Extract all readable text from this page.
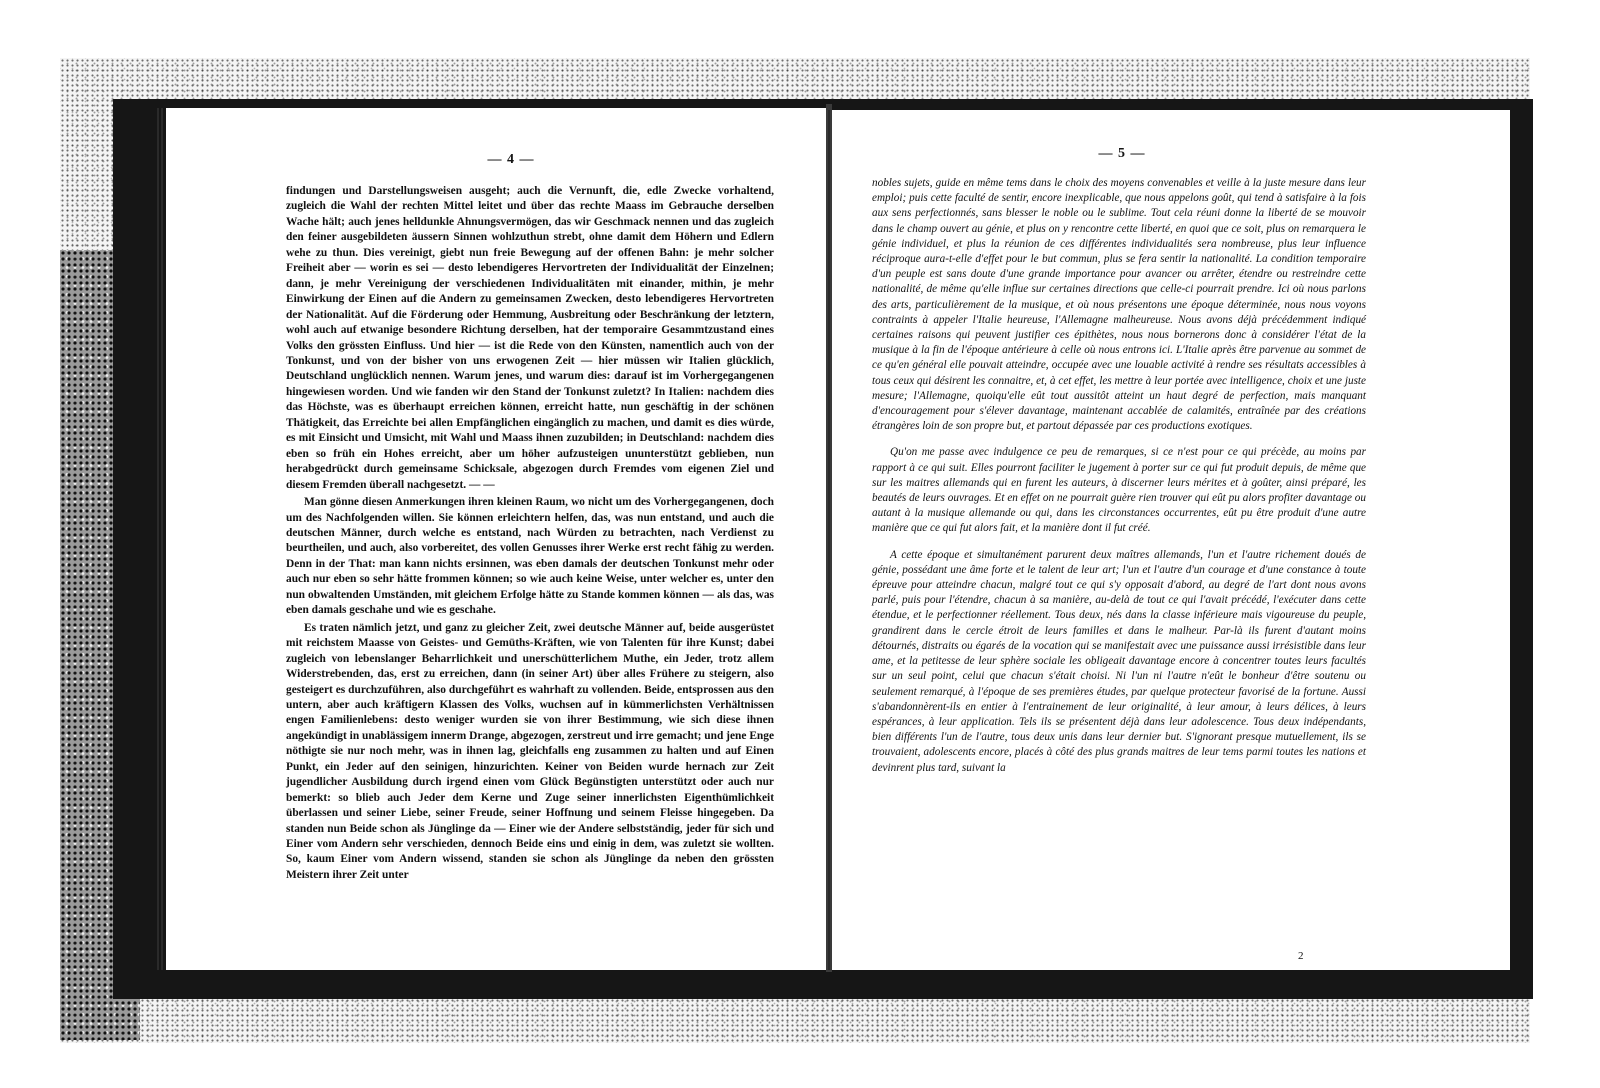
— 4 —

findungen und Darstellungsweisen ausgeht; auch die Vernunft, die, edle Zwecke vorhaltend, zugleich die Wahl der rechten Mittel leitet und über das rechte Maass im Gebrauche derselben Wache hält; auch jenes helldunkle Ahnungsvermögen, das wir Geschmack nennen und das zugleich den feiner ausgebildeten äussern Sinnen wohlzuthun strebt, ohne damit dem Höhern und Edlern wehe zu thun. Dies vereinigt, giebt nun freie Bewegung auf der offenen Bahn: je mehr solcher Freiheit aber — worin es sei — desto lebendigeres Hervortreten der Individualität der Einzelnen; dann, je mehr Vereinigung der verschiedenen Individualitäten mit einander, mithin, je mehr Einwirkung der Einen auf die Andern zu gemeinsamen Zwecken, desto lebendigeres Hervortreten der Nationalität. Auf die Förderung oder Hemmung, Ausbreitung oder Beschränkung der letztern, wohl auch auf etwanige besondere Richtung derselben, hat der temporaire Gesammtzustand eines Volks den grössten Einfluss. Und hier — ist die Rede von den Künsten, namentlich auch von der Tonkunst, und von der bisher von uns erwogenen Zeit — hier müssen wir Italien glücklich, Deutschland unglücklich nennen. Warum jenes, und warum dies: darauf ist im Vorhergegangenen hingewiesen worden. Und wie fanden wir den Stand der Tonkunst zuletzt? In Italien: nachdem dies das Höchste, was es überhaupt erreichen können, erreicht hatte, nun geschäftig in der schönen Thätigkeit, das Erreichte bei allen Empfänglichen eingänglich zu machen, und damit es dies würde, es mit Einsicht und Umsicht, mit Wahl und Maass ihnen zuzubilden; in Deutschland: nachdem dies eben so früh ein Hohes erreicht, aber um höher aufzusteigen ununterstützt geblieben, nun herabgedrückt durch gemeinsame Schicksale, abgezogen durch Fremdes vom eigenen Ziel und diesem Fremden überall nachgesetzt. — —

Man gönne diesen Anmerkungen ihren kleinen Raum, wo nicht um des Vorhergegangenen, doch um des Nachfolgenden willen. Sie können erleichtern helfen, das, was nun entstand, und auch die deutschen Männer, durch welche es entstand, nach Würden zu betrachten, nach Verdienst zu beurtheilen, und auch, also vorbereitet, des vollen Genusses ihrer Werke erst recht fähig zu werden. Denn in der That: man kann nichts ersinnen, was eben damals der deutschen Tonkunst mehr oder auch nur eben so sehr hätte frommen können; so wie auch keine Weise, unter welcher es, unter den nun obwaltenden Umständen, mit gleichem Erfolge hätte zu Stande kommen können — als das, was eben damals geschahe und wie es geschahe.

Es traten nämlich jetzt, und ganz zu gleicher Zeit, zwei deutsche Männer auf, beide ausgerüstet mit reichstem Maasse von Geistes- und Gemüths-Kräften, wie von Talenten für ihre Kunst; dabei zugleich von lebenslanger Beharrlichkeit und unerschütterlichem Muthe, ein Jeder, trotz allem Widerstrebenden, das, erst zu erreichen, dann (in seiner Art) über alles Frühere zu steigern, also gesteigert es durchzuführen, also durchgeführt es wahrhaft zu vollenden. Beide, entsprossen aus den untern, aber auch kräftigern Klassen des Volks, wuchsen auf in kümmerlichsten Verhältnissen engen Familienlebens: desto weniger wurden sie von ihrer Bestimmung, wie sich diese ihnen angekündigt in unablässigem innerm Drange, abgezogen, zerstreut und irre gemacht; und jene Enge nöthigte sie nur noch mehr, was in ihnen lag, gleichfalls eng zusammen zu halten und auf Einen Punkt, ein Jeder auf den seinigen, hinzurichten. Keiner von Beiden wurde hernach zur Zeit jugendlicher Ausbildung durch irgend einen vom Glück Begünstigten unterstützt oder auch nur bemerkt: so blieb auch Jeder dem Kerne und Zuge seiner innerlichsten Eigenthümlichkeit überlassen und seiner Liebe, seiner Freude, seiner Hoffnung und seinem Fleisse hingegeben. Da standen nun Beide schon als Jünglinge da — Einer wie der Andere selbstständig, jeder für sich und Einer vom Andern sehr verschieden, dennoch Beide eins und einig in dem, was zuletzt sie wollten. So, kaum Einer vom Andern wissend, standen sie schon als Jünglinge da neben den grössten Meistern ihrer Zeit unter

— 5 —

nobles sujets, guide en même tems dans le choix des moyens convenables et veille à la juste mesure dans leur emploi; puis cette faculté de sentir, encore inexplicable, que nous appelons goût, qui tend à satisfaire à la fois aux sens perfectionnés, sans blesser le noble ou le sublime. Tout cela réuni donne la liberté de se mouvoir dans le champ ouvert au génie, et plus on y rencontre cette liberté, en quoi que ce soit, plus on remarquera le génie individuel, et plus la réunion de ces différentes individualités sera nombreuse, plus leur influence réciproque aura-t-elle d'effet pour le but commun, plus se fera sentir la nationalité. La condition temporaire d'un peuple est sans doute d'une grande importance pour avancer ou arrêter, étendre ou restreindre cette nationalité, de même qu'elle influe sur certaines directions que celle-ci pourrait prendre. Ici où nous parlons des arts, particulièrement de la musique, et où nous présentons une époque déterminée, nous nous voyons contraints à appeler l'Italie heureuse, l'Allemagne malheureuse. Nous avons déjà précédemment indiqué certaines raisons qui peuvent justifier ces épithètes, nous nous bornerons donc à considérer l'état de la musique à la fin de l'époque antérieure à celle où nous entrons ici. L'Italie après être parvenue au sommet de ce qu'en général elle pouvait atteindre, occupée avec une louable activité à rendre ses résultats accessibles à tous ceux qui désirent les connaitre, et, à cet effet, les mettre à leur portée avec intelligence, choix et une juste mesure; l'Allemagne, quoiqu'elle eût tout aussitôt atteint un haut degré de perfection, mais manquant d'encouragement pour s'élever davantage, maintenant accablée de calamités, entraînée par des créations étrangères loin de son propre but, et partout dépassée par ces productions exotiques.

Qu'on me passe avec indulgence ce peu de remarques, si ce n'est pour ce qui précède, au moins par rapport à ce qui suit. Elles pourront faciliter le jugement à porter sur ce qui fut produit depuis, de même que sur les maitres allemands qui en furent les auteurs, à discerner leurs mérites et à goûter, ainsi préparé, les beautés de leurs ouvrages. Et en effet on ne pourrait guère rien trouver qui eût pu alors profiter davantage ou autant à la musique allemande ou qui, dans les circonstances occurrentes, eût pu être produit d'une autre manière que ce qui fut alors fait, et la manière dont il fut créé.

A cette époque et simultanément parurent deux maîtres allemands, l'un et l'autre richement doués de génie, possédant une âme forte et le talent de leur art; l'un et l'autre d'un courage et d'une constance à toute épreuve pour atteindre chacun, malgré tout ce qui s'y opposait d'abord, au degré de l'art dont nous avons parlé, puis pour l'étendre, chacun à sa manière, au-delà de tout ce qui l'avait précédé, l'exécuter dans cette étendue, et le perfectionner réellement. Tous deux, nés dans la classe inférieure mais vigoureuse du peuple, grandirent dans le cercle étroit de leurs familles et dans le malheur. Par-là ils furent d'autant moins détournés, distraits ou égarés de la vocation qui se manifestait avec une puissance aussi irrésistible dans leur ame, et la petitesse de leur sphère sociale les obligeait davantage encore à concentrer toutes leurs facultés sur un seul point, celui que chacun s'était choisi. Ni l'un ni l'autre n'eût le bonheur d'être soutenu ou seulement remarqué, à l'époque de ses premières études, par quelque protecteur favorisé de la fortune. Aussi s'abandonnèrent-ils en entier à l'entrainement de leur originalité, à leur amour, à leurs délices, à leurs espérances, à leur application. Tels ils se présentent déjà dans leur adolescence. Tous deux indépendants, bien différents l'un de l'autre, tous deux unis dans leur dernier but. S'ignorant presque mutuellement, ils se trouvaient, adolescents encore, placés à côté des plus grands maitres de leur tems parmi toutes les nations et devinrent plus tard, suivant la

2
